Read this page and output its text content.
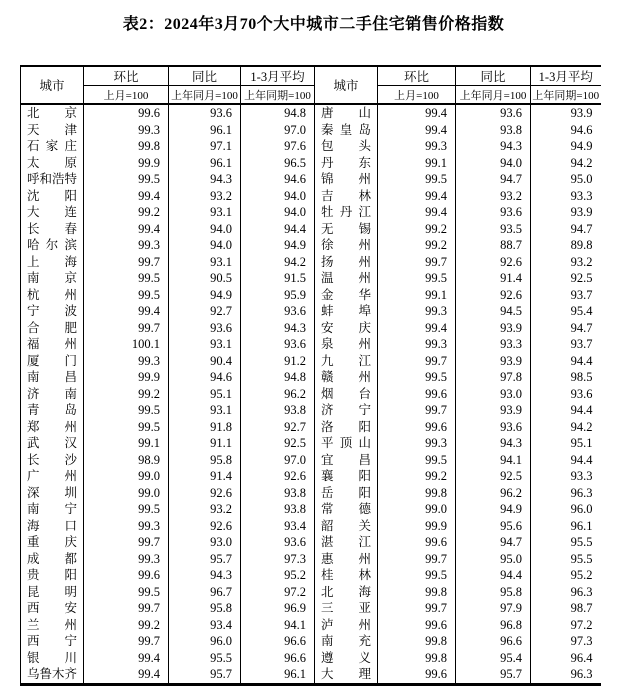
表2：2024年3月70个大中城市二手住宅销售价格指数
城市	环比	同比	1-3月平均	城市	环比	同比	1-3月平均
	上月=100	上年同月=100	上年同期=100		上月=100	上年同月=100	上年同期=100

北 京	99.6	93.6	94.8	唐 山	99.4	93.6	93.9

天 津	99.3	96.1	97.0	秦 皇 岛	99.4	93.8	94.6

石 家 庄	99.8	97.1	97.6	包 头	99.3	94.3	94.9

太 原	99.9	96.1	96.5	丹 东	99.1	94.0	94.2

呼 和 浩 特	99.5	94.3	94.6	锦 州	99.5	94.7	95.0

沈 阳	99.4	93.2	94.0	吉 林	99.4	93.2	93.3

大 连	99.2	93.1	94.0	牡 丹 江	99.4	93.6	93.9

长 春	99.4	94.0	94.4	无 锡	99.2	93.5	94.7

哈 尔 滨	99.3	94.0	94.9	徐 州	99.2	88.7	89.8

上 海	99.7	93.1	94.2	扬 州	99.7	92.6	93.2

南 京	99.5	90.5	91.5	温 州	99.5	91.4	92.5

杭 州	99.5	94.9	95.9	金 华	99.1	92.6	93.7

宁 波	99.4	92.7	93.6	蚌 埠	99.3	94.5	95.4

合 肥	99.7	93.6	94.3	安 庆	99.4	93.9	94.7

福 州	100.1	93.1	93.6	泉 州	99.3	93.3	93.7

厦 门	99.3	90.4	91.2	九 江	99.7	93.9	94.4

南 昌	99.9	94.6	94.8	赣 州	99.5	97.8	98.5

济 南	99.2	95.1	96.2	烟 台	99.6	93.0	93.6

青 岛	99.5	93.1	93.8	济 宁	99.7	93.9	94.4

郑 州	99.5	91.8	92.7	洛 阳	99.6	93.6	94.2

武 汉	99.1	91.1	92.5	平 顶 山	99.3	94.3	95.1

长 沙	98.9	95.8	97.0	宜 昌	99.5	94.1	94.4

广 州	99.0	91.4	92.6	襄 阳	99.2	92.5	93.3

深 圳	99.0	92.6	93.8	岳 阳	99.8	96.2	96.3

南 宁	99.5	93.2	93.8	常 德	99.0	94.9	96.0

海 口	99.3	92.6	93.4	韶 关	99.9	95.6	96.1

重 庆	99.7	93.0	93.6	湛 江	99.6	94.7	95.5

成 都	99.3	95.7	97.3	惠 州	99.7	95.0	95.5

贵 阳	99.6	94.3	95.2	桂 林	99.5	94.4	95.2

昆 明	99.5	96.7	97.2	北 海	99.8	95.8	96.3

西 安	99.7	95.8	96.9	三 亚	99.7	97.9	98.7

兰 州	99.2	93.4	94.1	泸 州	99.6	96.8	97.2

西 宁	99.7	96.0	96.6	南 充	99.8	96.6	97.3

银 川	99.4	95.5	96.6	遵 义	99.8	95.4	96.4

乌 鲁 木 齐	99.4	95.7	96.1	大 理	99.6	95.7	96.3
